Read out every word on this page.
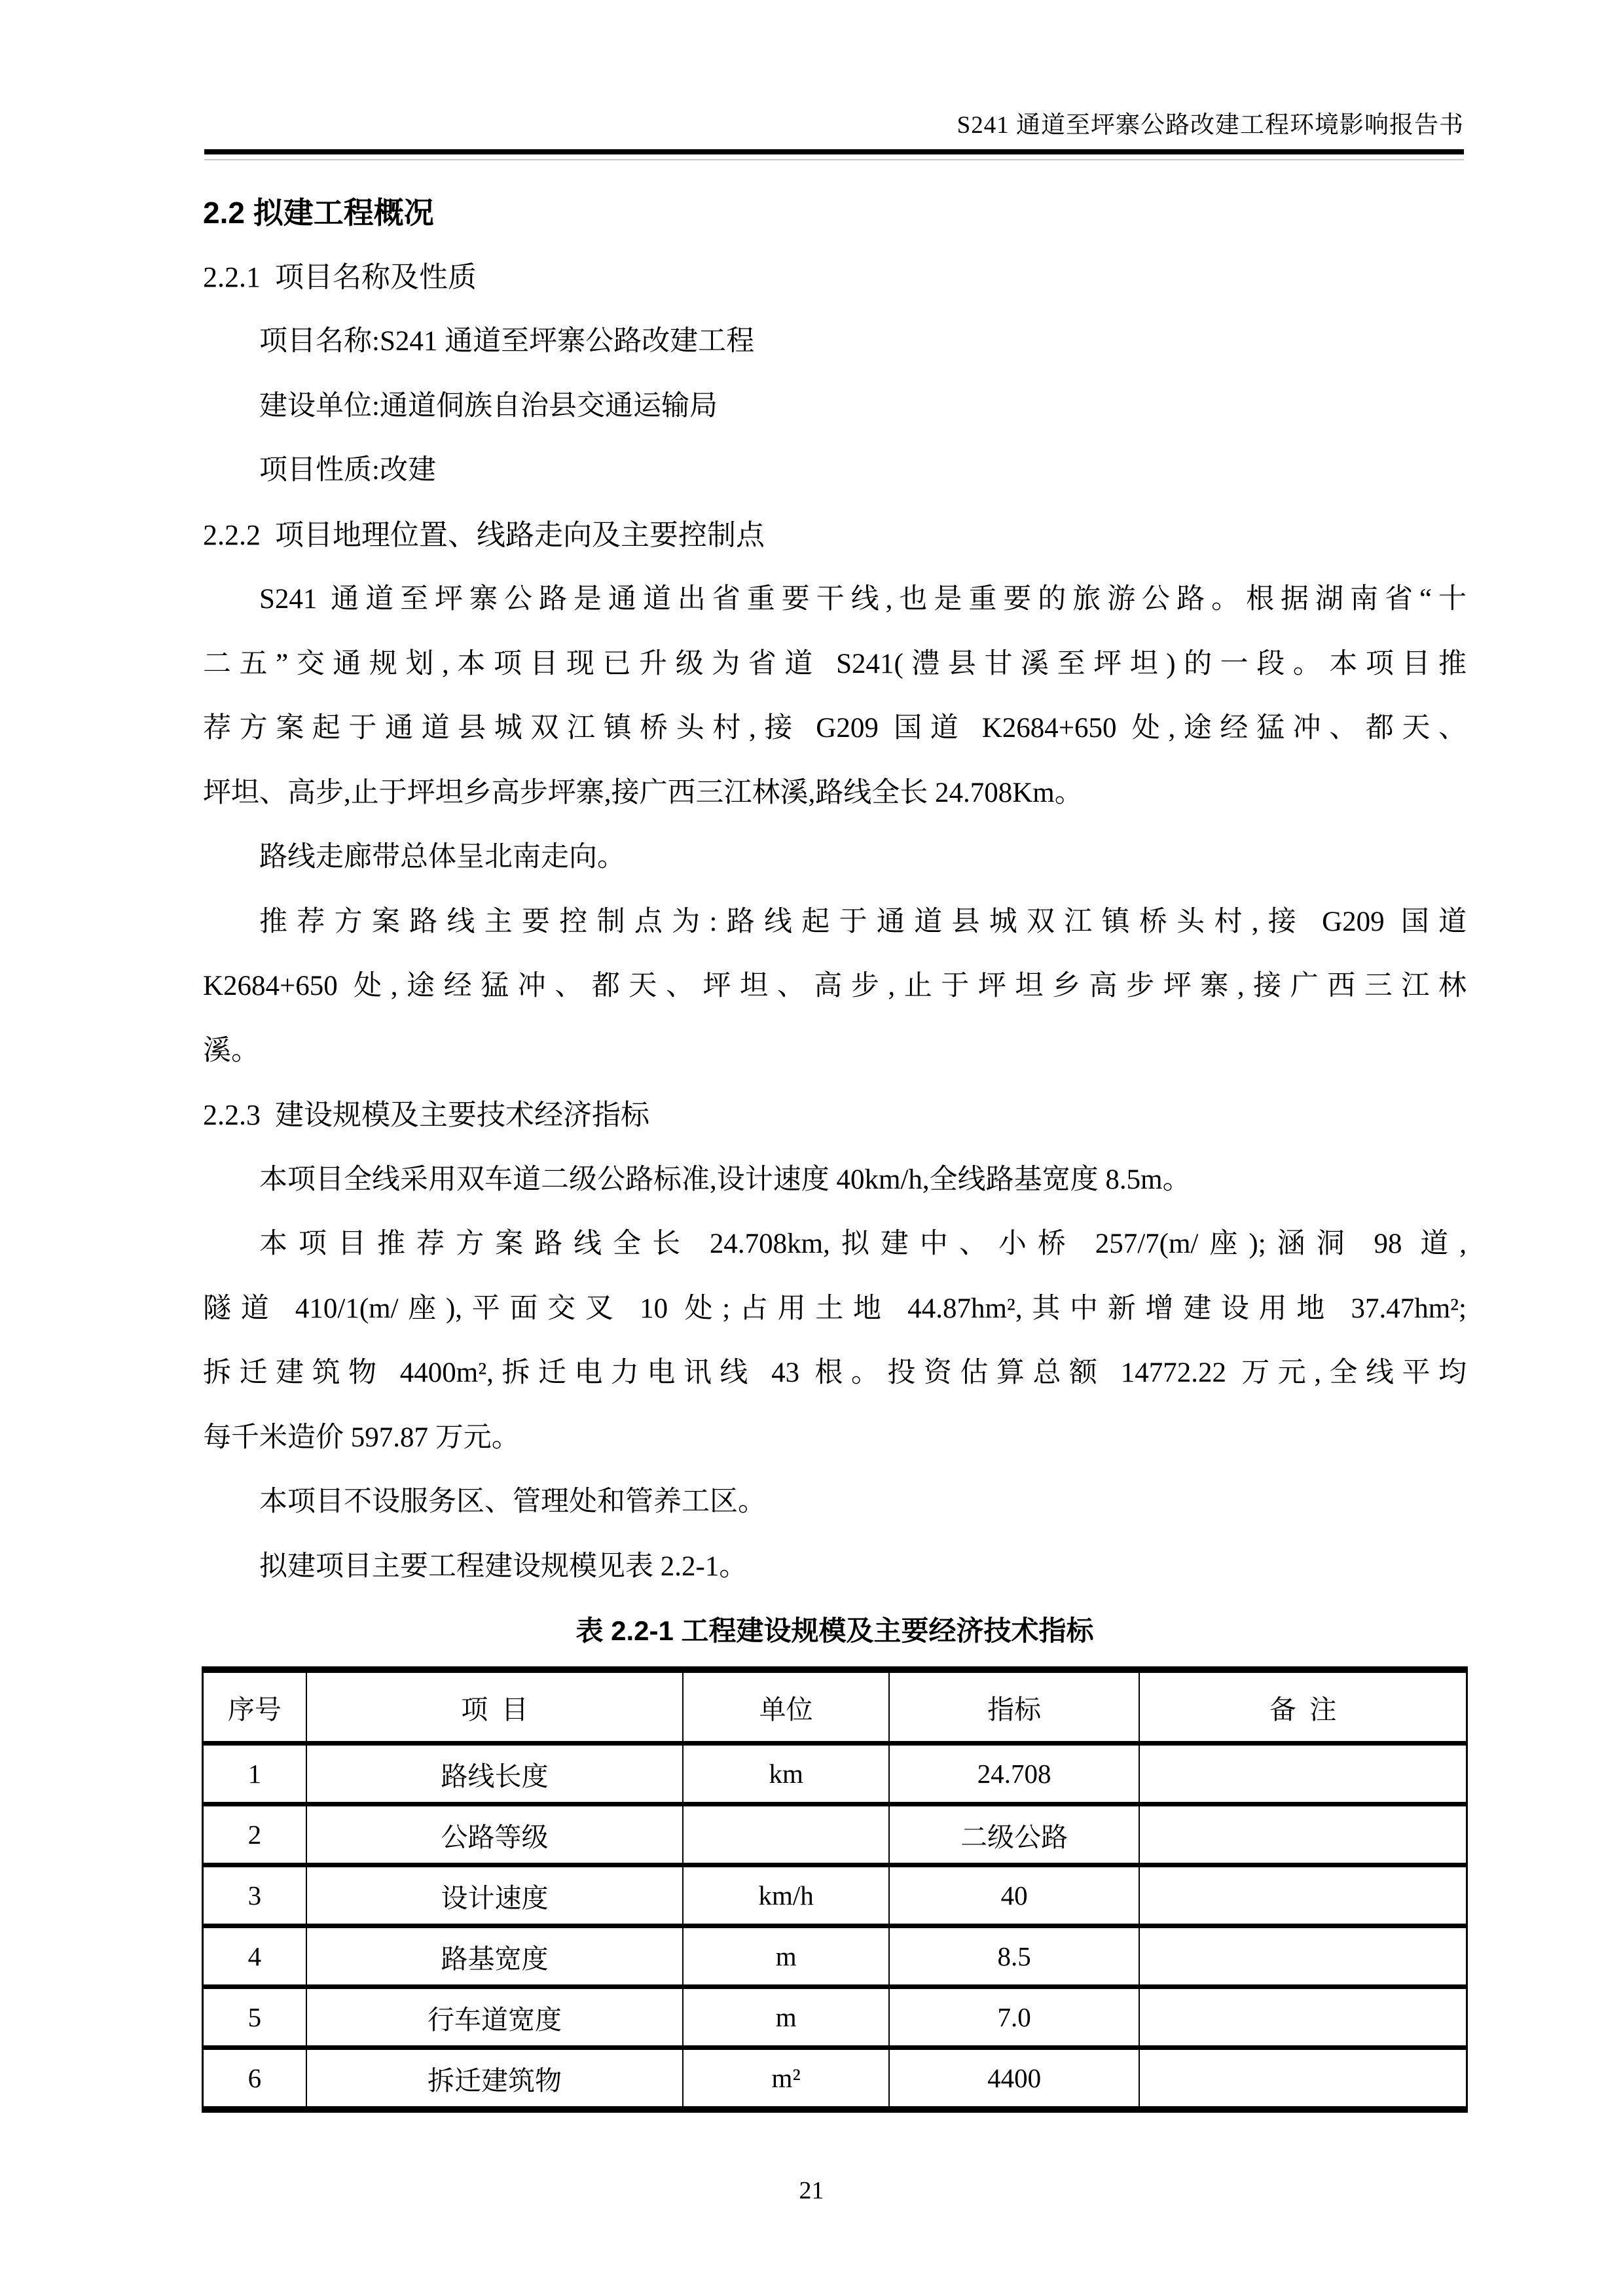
S241 通道至坪寨公路改建工程环境影响报告书
2.2 拟建工程概况
2.2.1  项目名称及性质
项目名称:S241 通道至坪寨公路改建工程
建设单位:通道侗族自治县交通运输局
项目性质:改建
2.2.2  项目地理位置、线路走向及主要控制点
S241 通道至坪寨公路是通道出省重要干线,也是重要的旅游公路。根据湖南省“十
二五”交通规划,本项目现已升级为省道 S241(澧县甘溪至坪坦)的一段。本项目推
荐方案起于通道县城双江镇桥头村,接 G209 国道 K2684+650 处,途经猛冲、都天、
坪坦、高步,止于坪坦乡高步坪寨,接广西三江林溪,路线全长 24.708Km。
路线走廊带总体呈北南走向。
推荐方案路线主要控制点为:路线起于通道县城双江镇桥头村,接 G209 国道
K2684+650 处,途经猛冲、都天、坪坦、高步,止于坪坦乡高步坪寨,接广西三江林
溪。
2.2.3  建设规模及主要技术经济指标
本项目全线采用双车道二级公路标准,设计速度 40km/h,全线路基宽度 8.5m。
本项目推荐方案路线全长 24.708km,拟建中、小桥 257/7(m/座);涵洞 98 道,
隧道 410/1(m/座),平面交叉 10 处;占用土地 44.87hm²,其中新增建设用地 37.47hm²;
拆迁建筑物 4400m²,拆迁电力电讯线 43 根。投资估算总额 14772.22 万元,全线平均
每千米造价 597.87 万元。
本项目不设服务区、管理处和管养工区。
拟建项目主要工程建设规模见表 2.2-1。
表 2.2-1 工程建设规模及主要经济技术指标
序号	项  目	单位	指标	备  注
1	路线长度	km	24.708	
2	公路等级		二级公路	
3	设计速度	km/h	40	
4	路基宽度	m	8.5	
5	行车道宽度	m	7.0	
6	拆迁建筑物	m²	4400	
21
